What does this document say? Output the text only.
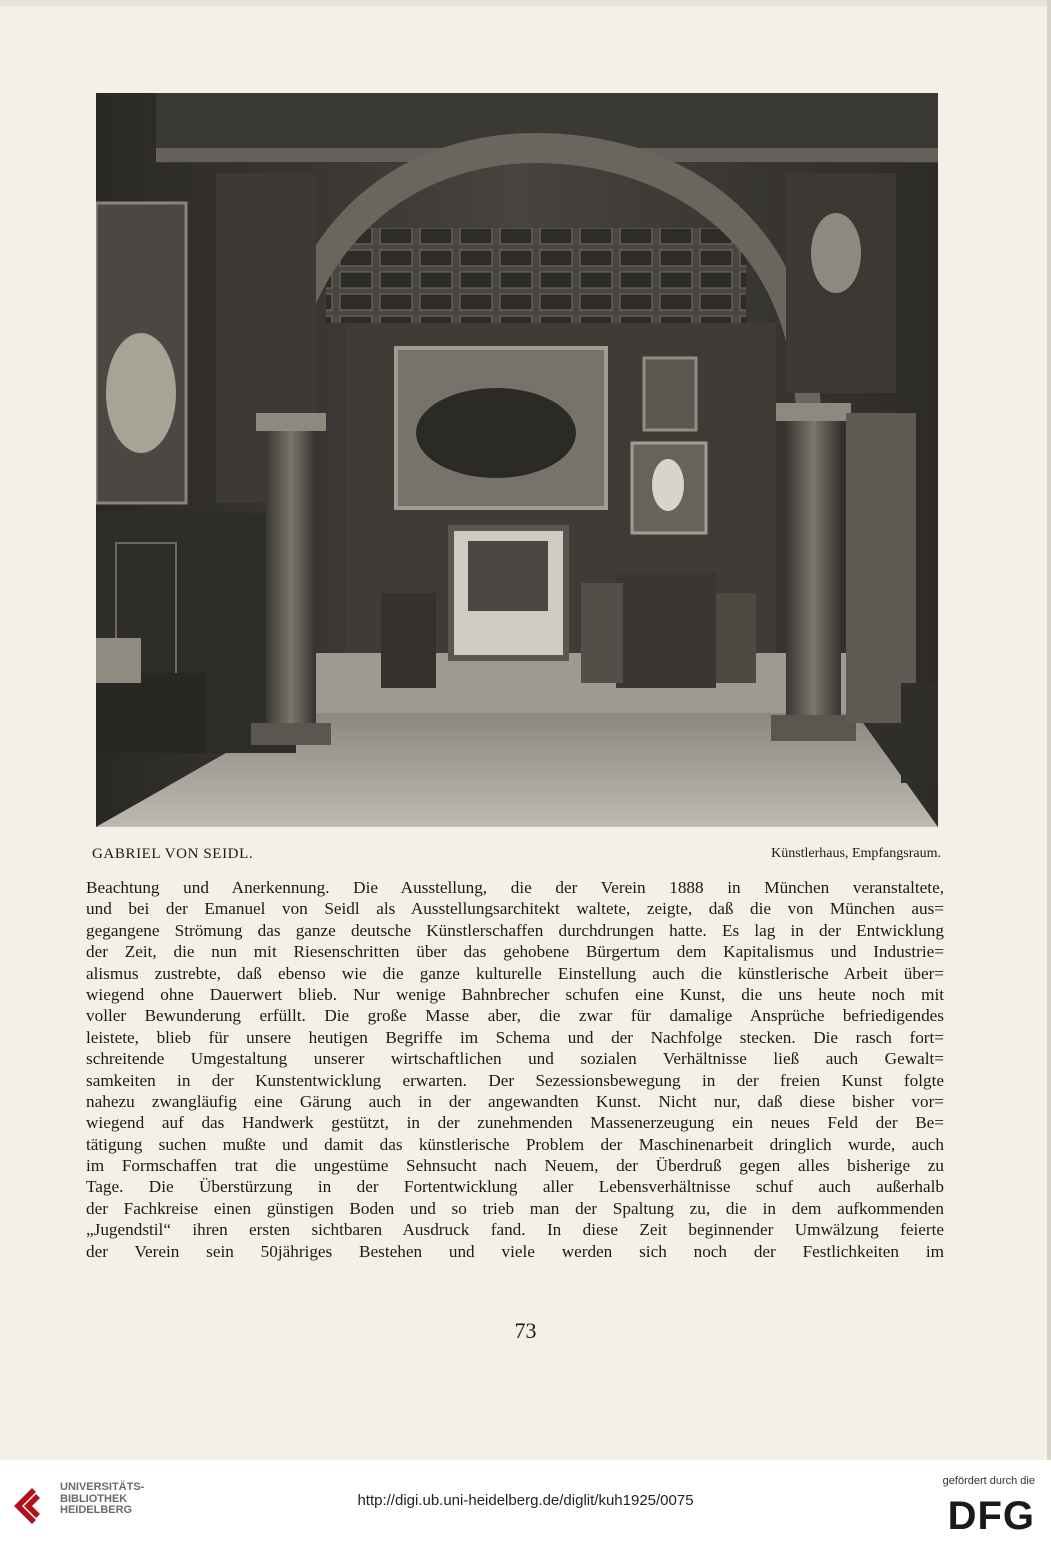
GABRIEL VON SEIDL.	Künstlerhaus, Empfangsraum.
Beachtung und Anerkennung. Die Ausstellung, die der Verein 1888 in München veranstaltete,
und bei der Emanuel von Seidl als Ausstellungsarchitekt waltete, zeigte, daß die von München aus=
gegangene Strömung das ganze deutsche Künstlerschaffen durchdrungen hatte. Es lag in der Entwicklung
der Zeit, die nun mit Riesenschritten über das gehobene Bürgertum dem Kapitalismus und Industrie=
alismus zustrebte, daß ebenso wie die ganze kulturelle Einstellung auch die künstlerische Arbeit über=
wiegend ohne Dauerwert blieb. Nur wenige Bahnbrecher schufen eine Kunst, die uns heute noch mit
voller Bewunderung erfüllt. Die große Masse aber, die zwar für damalige Ansprüche befriedigendes
leistete, blieb für unsere heutigen Begriffe im Schema und der Nachfolge stecken. Die rasch fort=
schreitende Umgestaltung unserer wirtschaftlichen und sozialen Verhältnisse ließ auch Gewalt=
samkeiten in der Kunstentwicklung erwarten. Der Sezessionsbewegung in der freien Kunst folgte
nahezu zwangläufig eine Gärung auch in der angewandten Kunst. Nicht nur, daß diese bisher vor=
wiegend auf das Handwerk gestützt, in der zunehmenden Massenerzeugung ein neues Feld der Be=
tätigung suchen mußte und damit das künstlerische Problem der Maschinenarbeit dringlich wurde, auch
im Formschaffen trat die ungestüme Sehnsucht nach Neuem, der Überdruß gegen alles bisherige zu
Tage. Die Überstürzung in der Fortentwicklung aller Lebensverhältnisse schuf auch außerhalb
der Fachkreise einen günstigen Boden und so trieb man der Spaltung zu, die in dem aufkommenden
„Jugendstil“ ihren ersten sichtbaren Ausdruck fand. In diese Zeit beginnender Umwälzung feierte
der Verein sein 50jähriges Bestehen und viele werden sich noch der Festlichkeiten im
73
UNIVERSITÄTS-
BIBLIOTHEK
HEIDELBERG
http://digi.ub.uni-heidelberg.de/diglit/kuh1925/0075
gefördert durch die
DFG
